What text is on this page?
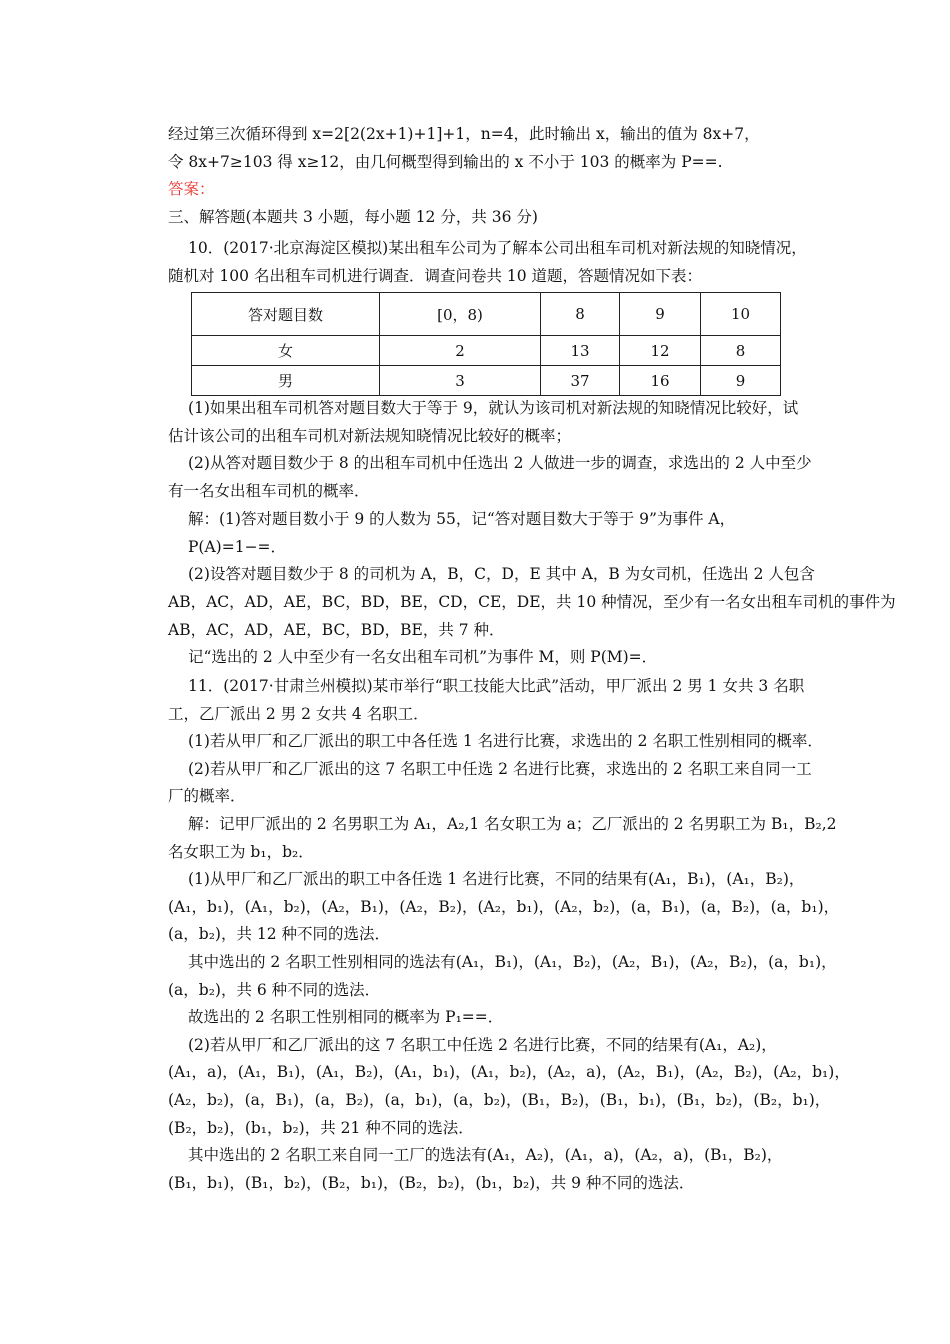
经过第三次循环得到 x=2[2(2x+1)+1]+1，n=4，此时输出 x，输出的值为 8x+7，
令 8x+7≥103 得 x≥12，由几何概型得到输出的 x 不小于 103 的概率为 P==.
答案：
三、解答题(本题共 3 小题，每小题 12 分，共 36 分)
10．(2017·北京海淀区模拟)某出租车公司为了解本公司出租车司机对新法规的知晓情况，
随机对 100 名出租车司机进行调查．调查问卷共 10 道题，答题情况如下表：
答对题目数	[0，8)	8	9	10
女	2	13	12	8
男	3	37	16	9
(1)如果出租车司机答对题目数大于等于 9，就认为该司机对新法规的知晓情况比较好，试
估计该公司的出租车司机对新法规知晓情况比较好的概率；
(2)从答对题目数少于 8 的出租车司机中任选出 2 人做进一步的调查，求选出的 2 人中至少
有一名女出租车司机的概率．
解：(1)答对题目数小于 9 的人数为 55，记“答对题目数大于等于 9”为事件 A，
P(A)=1−=．
(2)设答对题目数少于 8 的司机为 A，B，C，D，E 其中 A，B 为女司机，任选出 2 人包含
AB，AC，AD，AE，BC，BD，BE，CD，CE，DE，共 10 种情况，至少有一名女出租车司机的事件为
AB，AC，AD，AE，BC，BD，BE，共 7 种．
记“选出的 2 人中至少有一名女出租车司机”为事件 M，则 P(M)=．
11．(2017·甘肃兰州模拟)某市举行“职工技能大比武”活动，甲厂派出 2 男 1 女共 3 名职
工，乙厂派出 2 男 2 女共 4 名职工．
(1)若从甲厂和乙厂派出的职工中各任选 1 名进行比赛，求选出的 2 名职工性别相同的概率．
(2)若从甲厂和乙厂派出的这 7 名职工中任选 2 名进行比赛，求选出的 2 名职工来自同一工
厂的概率．
解：记甲厂派出的 2 名男职工为 A₁，A₂,1 名女职工为 a；乙厂派出的 2 名男职工为 B₁，B₂,2
名女职工为 b₁，b₂．
(1)从甲厂和乙厂派出的职工中各任选 1 名进行比赛，不同的结果有(A₁，B₁)，(A₁，B₂)，
(A₁，b₁)，(A₁，b₂)，(A₂，B₁)，(A₂，B₂)，(A₂，b₁)，(A₂，b₂)，(a，B₁)，(a，B₂)，(a，b₁)，
(a，b₂)，共 12 种不同的选法．
其中选出的 2 名职工性别相同的选法有(A₁，B₁)，(A₁，B₂)，(A₂，B₁)，(A₂，B₂)，(a，b₁)，
(a，b₂)，共 6 种不同的选法．
故选出的 2 名职工性别相同的概率为 P₁==．
(2)若从甲厂和乙厂派出的这 7 名职工中任选 2 名进行比赛，不同的结果有(A₁，A₂)，
(A₁，a)，(A₁，B₁)，(A₁，B₂)，(A₁，b₁)，(A₁，b₂)，(A₂，a)，(A₂，B₁)，(A₂，B₂)，(A₂，b₁)，
(A₂，b₂)，(a，B₁)，(a，B₂)，(a，b₁)，(a，b₂)，(B₁，B₂)，(B₁，b₁)，(B₁，b₂)，(B₂，b₁)，
(B₂，b₂)，(b₁，b₂)，共 21 种不同的选法．
其中选出的 2 名职工来自同一工厂的选法有(A₁，A₂)，(A₁，a)，(A₂，a)，(B₁，B₂)，
(B₁，b₁)，(B₁，b₂)，(B₂，b₁)，(B₂，b₂)，(b₁，b₂)，共 9 种不同的选法．
